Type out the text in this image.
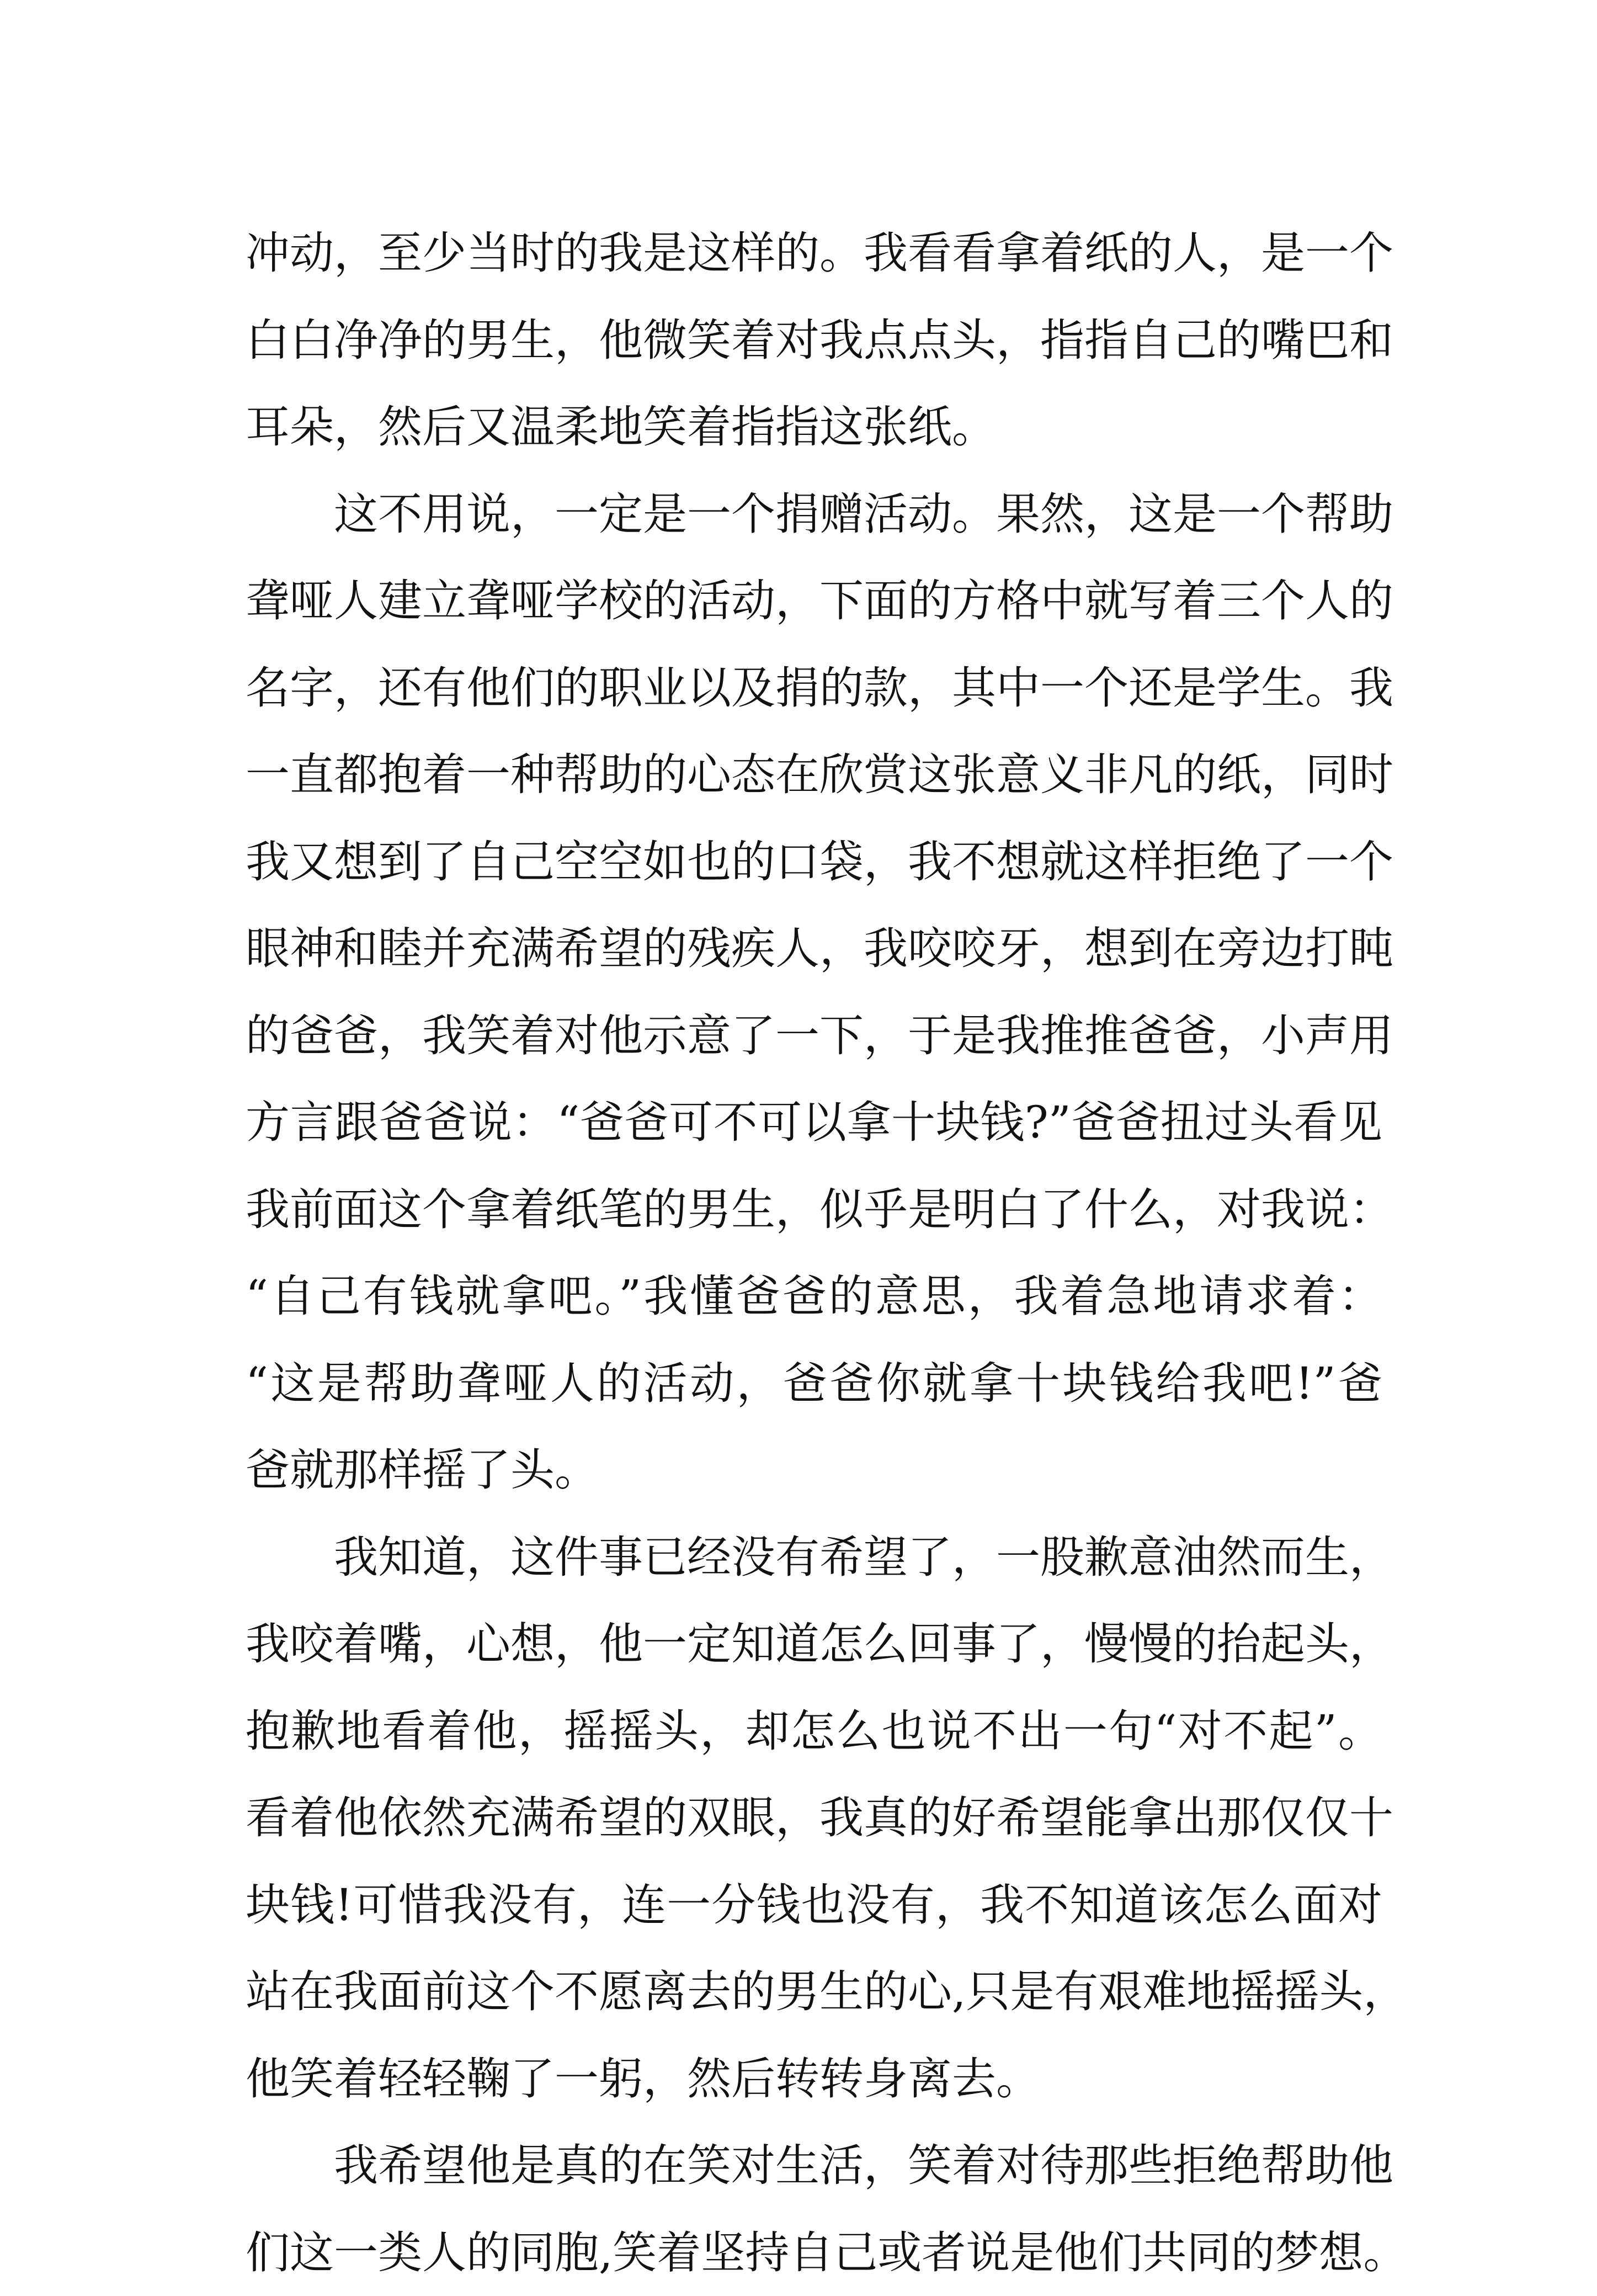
冲动，至少当时的我是这样的。我看看拿着纸的人，是一个
白白净净的男生，他微笑着对我点点头，指指自己的嘴巴和
耳朵，然后又温柔地笑着指指这张纸。
这不用说，一定是一个捐赠活动。果然，这是一个帮助
聋哑人建立聋哑学校的活动，下面的方格中就写着三个人的
名字，还有他们的职业以及捐的款，其中一个还是学生。我
一直都抱着一种帮助的心态在欣赏这张意义非凡的纸，同时
我又想到了自己空空如也的口袋，我不想就这样拒绝了一个
眼神和睦并充满希望的残疾人，我咬咬牙，想到在旁边打盹
的爸爸，我笑着对他示意了一下，于是我推推爸爸，小声用
方言跟爸爸说：“爸爸可不可以拿十块钱?”爸爸扭过头看见
我前面这个拿着纸笔的男生，似乎是明白了什么，对我说：
“自己有钱就拿吧。”我懂爸爸的意思，我着急地请求着：
“这是帮助聋哑人的活动，爸爸你就拿十块钱给我吧!”爸
爸就那样摇了头。
我知道，这件事已经没有希望了，一股歉意油然而生，
我咬着嘴，心想，他一定知道怎么回事了，慢慢的抬起头，
抱歉地看着他，摇摇头，却怎么也说不出一句“对不起”。
看着他依然充满希望的双眼，我真的好希望能拿出那仅仅十
块钱!可惜我没有，连一分钱也没有，我不知道该怎么面对
站在我面前这个不愿离去的男生的心,只是有艰难地摇摇头，
他笑着轻轻鞠了一躬，然后转转身离去。
我希望他是真的在笑对生活，笑着对待那些拒绝帮助他
们这一类人的同胞,笑着坚持自己或者说是他们共同的梦想。
